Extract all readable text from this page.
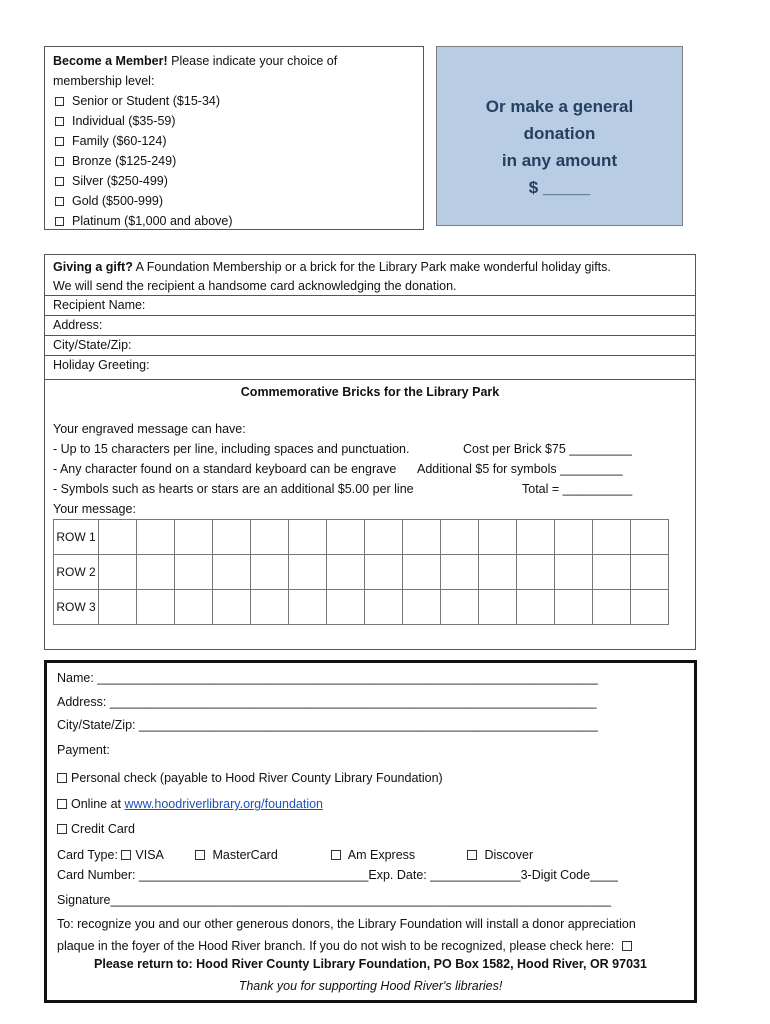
Become a Member! Please indicate your choice of
membership level:
Senior or Student ($15-34)
Individual ($35-59)
Family ($60-124)
Bronze ($125-249)
Silver ($250-499)
Gold ($500-999)
Platinum ($1,000 and above)
Or make a general
donation
in any amount
$ _____
Giving a gift? A Foundation Membership or a brick for the Library Park make wonderful holiday gifts.
We will send the recipient a handsome card acknowledging the donation.
Recipient Name:
Address:
City/State/Zip:
Holiday Greeting:
Commemorative Bricks for the Library Park
Your engraved message can have:
- Up to 15 characters per line, including spaces and punctuation.
- Any character found on a standard keyboard can be engrave
- Symbols such as hearts or stars are an additional $5.00 per line
Cost per Brick $75 _________
Additional $5 for symbols _________
Total = __________
Your message:
ROW 1															
ROW 2															
ROW 3															
Name: ________________________________________________________________________
Address: ______________________________________________________________________
City/State/Zip: __________________________________________________________________
Payment:
Personal check (payable to Hood River County Library Foundation)
Online at www.hoodriverlibrary.org/foundation
Credit Card
Card Type: VISA	MasterCard	Am Express	Discover
Card Number: _________________________________Exp. Date: _____________3-Digit Code____
Signature________________________________________________________________________
To: recognize you and our other generous donors, the Library Foundation will install a donor appreciation
plaque in the foyer of the Hood River branch. If you do not wish to be recognized, please check here:
Please return to: Hood River County Library Foundation, PO Box 1582, Hood River, OR 97031
Thank you for supporting Hood River's libraries!
